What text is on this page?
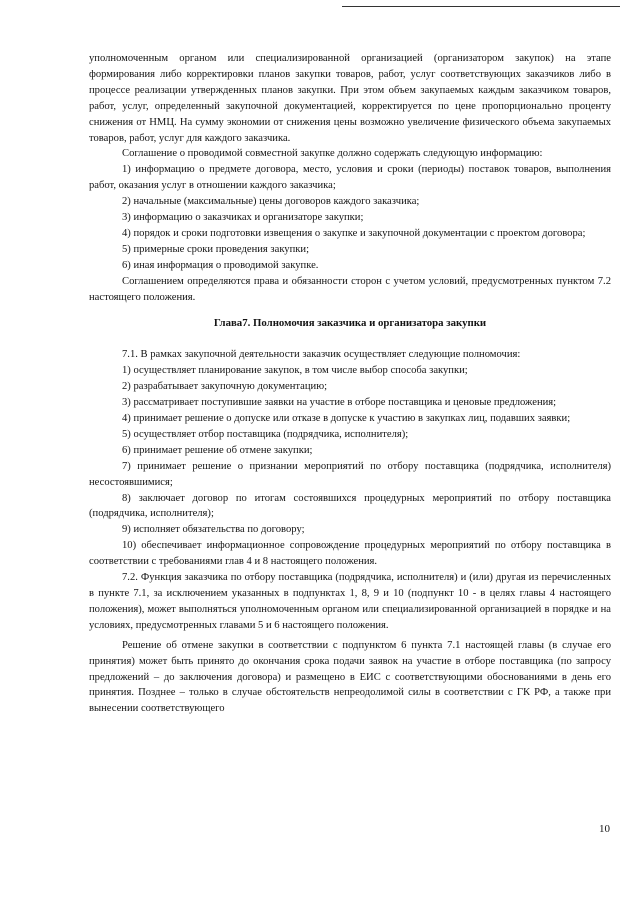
уполномоченным органом или специализированной организацией (организатором закупок) на этапе формирования либо корректировки планов закупки товаров, работ, услуг соответствующих заказчиков либо в процессе реализации утвержденных планов закупки. При этом объем закупаемых каждым заказчиком товаров, работ, услуг, определенный закупочной документацией, корректируется по цене пропорционально проценту снижения от НМЦ. На сумму экономии от снижения цены возможно увеличение физического объема закупаемых товаров, работ, услуг для каждого заказчика.

Соглашение о проводимой совместной закупке должно содержать следующую информацию:

1) информацию о предмете договора, место, условия и сроки (периоды) поставок товаров, выполнения работ, оказания услуг в отношении каждого заказчика;

2) начальные (максимальные) цены договоров каждого заказчика;

3) информацию о заказчиках и организаторе закупки;

4) порядок и сроки подготовки извещения о закупке и закупочной документации с проектом договора;

5) примерные сроки проведения закупки;

6) иная информация о проводимой закупке.

Соглашением определяются права и обязанности сторон с учетом условий, предусмотренных пунктом 7.2 настоящего положения.

Глава7. Полномочия заказчика и организатора закупки

7.1. В рамках закупочной деятельности заказчик осуществляет следующие полномочия:

1) осуществляет планирование закупок, в том числе выбор способа закупки;

2) разрабатывает закупочную документацию;

3) рассматривает поступившие заявки на участие в отборе поставщика и ценовые предложения;

4) принимает решение о допуске или отказе в допуске к участию в закупках лиц, подавших заявки;

5) осуществляет отбор поставщика (подрядчика, исполнителя);

6) принимает решение об отмене закупки;

7) принимает решение о признании мероприятий по отбору поставщика (подрядчика, исполнителя) несостоявшимися;

8) заключает договор по итогам состоявшихся процедурных мероприятий по отбору поставщика (подрядчика, исполнителя);

9) исполняет обязательства по договору;

10) обеспечивает информационное сопровождение процедурных мероприятий по отбору поставщика в соответствии с требованиями глав 4 и 8 настоящего положения.

7.2. Функция заказчика по отбору поставщика (подрядчика, исполнителя) и (или) другая из перечисленных в пункте 7.1, за исключением указанных в подпунктах 1, 8, 9 и 10 (подпункт 10 - в целях главы 4 настоящего положения), может выполняться уполномоченным органом или специализированной организацией в порядке и на условиях, предусмотренных главами 5 и 6 настоящего положения.

Решение об отмене закупки в соответствии с подпунктом 6 пункта 7.1 настоящей главы (в случае его принятия) может быть принято до окончания срока подачи заявок на участие в отборе поставщика (по запросу предложений – до заключения договора) и размещено в ЕИС с соответствующими обоснованиями в день его принятия. Позднее – только в случае обстоятельств непреодолимой силы в соответствии с ГК РФ, а также при вынесении соответствующего

10
